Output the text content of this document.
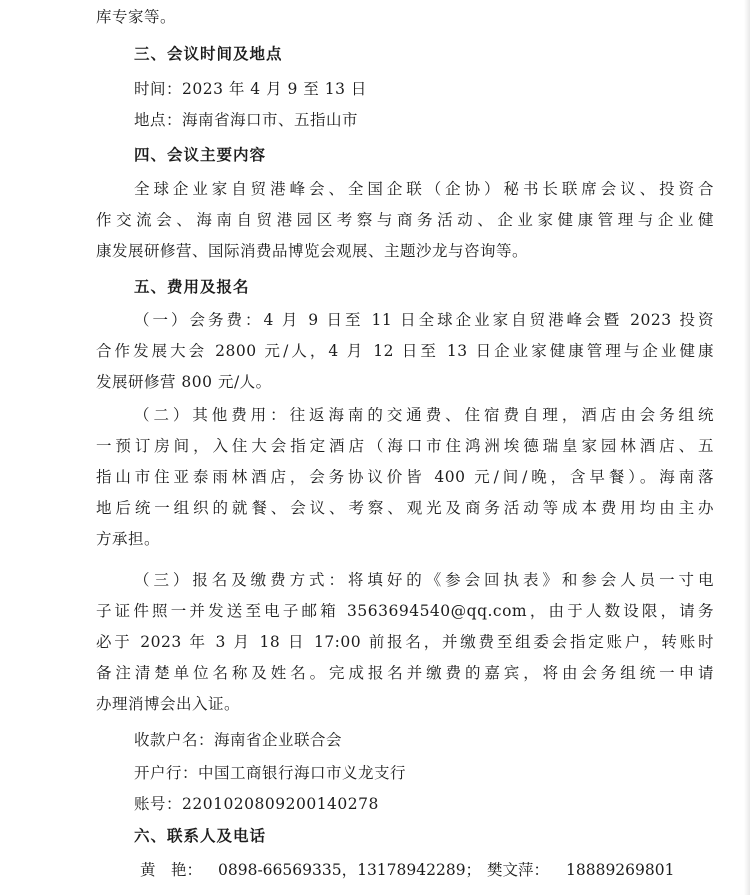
库专家等。
三、会议时间及地点
时间：2023 年 4 月 9 至 13 日
地点：海南省海口市、五指山市
四、会议主要内容
全球企业家自贸港峰会、全国企联（企协）秘书长联席会议、投资合
作交流会、海南自贸港园区考察与商务活动、企业家健康管理与企业健
康发展研修营、国际消费品博览会观展、主题沙龙与咨询等。
五、费用及报名
（一）会务费：4 月 9 日至 11 日全球企业家自贸港峰会暨 2023 投资
合作发展大会 2800 元/人，4 月 12 日至 13 日企业家健康管理与企业健康
发展研修营 800 元/人。
（二）其他费用：往返海南的交通费、住宿费自理，酒店由会务组统
一预订房间，入住大会指定酒店（海口市住鸿洲埃德瑞皇家园林酒店、五
指山市住亚泰雨林酒店，会务协议价皆 400 元/间/晚，含早餐）。海南落
地后统一组织的就餐、会议、考察、观光及商务活动等成本费用均由主办
方承担。
（三）报名及缴费方式：将填好的《参会回执表》和参会人员一寸电
子证件照一并发送至电子邮箱 3563694540@qq.com，由于人数设限，请务
必于 2023 年 3 月 18 日 17:00 前报名，并缴费至组委会指定账户，转账时
备注清楚单位名称及姓名。完成报名并缴费的嘉宾，将由会务组统一申请
办理消博会出入证。
收款户名：海南省企业联合会
开户行：中国工商银行海口市义龙支行
账号：2201020809200140278
六、联系人及电话
黄　艳： 0898-66569335，13178942289； 樊文萍： 18889269801
